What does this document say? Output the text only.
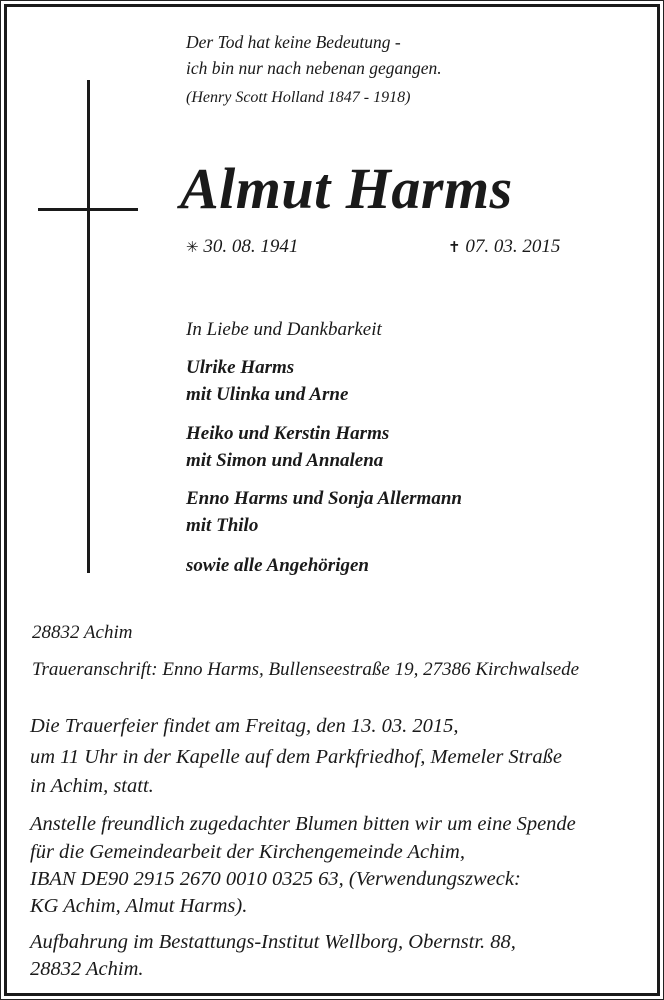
Der Tod hat keine Bedeutung -
ich bin nur nach nebenan gegangen.
(Henry Scott Holland 1847 - 1918)
Almut Harms
✳ 30. 08. 1941	✝ 07. 03. 2015
In Liebe und Dankbarkeit
Ulrike Harms
mit Ulinka und Arne
Heiko und Kerstin Harms
mit Simon und Annalena
Enno Harms und Sonja Allermann
mit Thilo
sowie alle Angehörigen
28832 Achim
Traueranschrift: Enno Harms, Bullenseestraße 19, 27386 Kirchwalsede
Die Trauerfeier findet am Freitag, den 13. 03. 2015,
um 11 Uhr in der Kapelle auf dem Parkfriedhof, Memeler Straße
in Achim, statt.
Anstelle freundlich zugedachter Blumen bitten wir um eine Spende
für die Gemeindearbeit der Kirchengemeinde Achim,
IBAN DE90 2915 2670 0010 0325 63, (Verwendungszweck:
KG Achim, Almut Harms).
Aufbahrung im Bestattungs-Institut Wellborg, Obernstr. 88,
28832 Achim.
